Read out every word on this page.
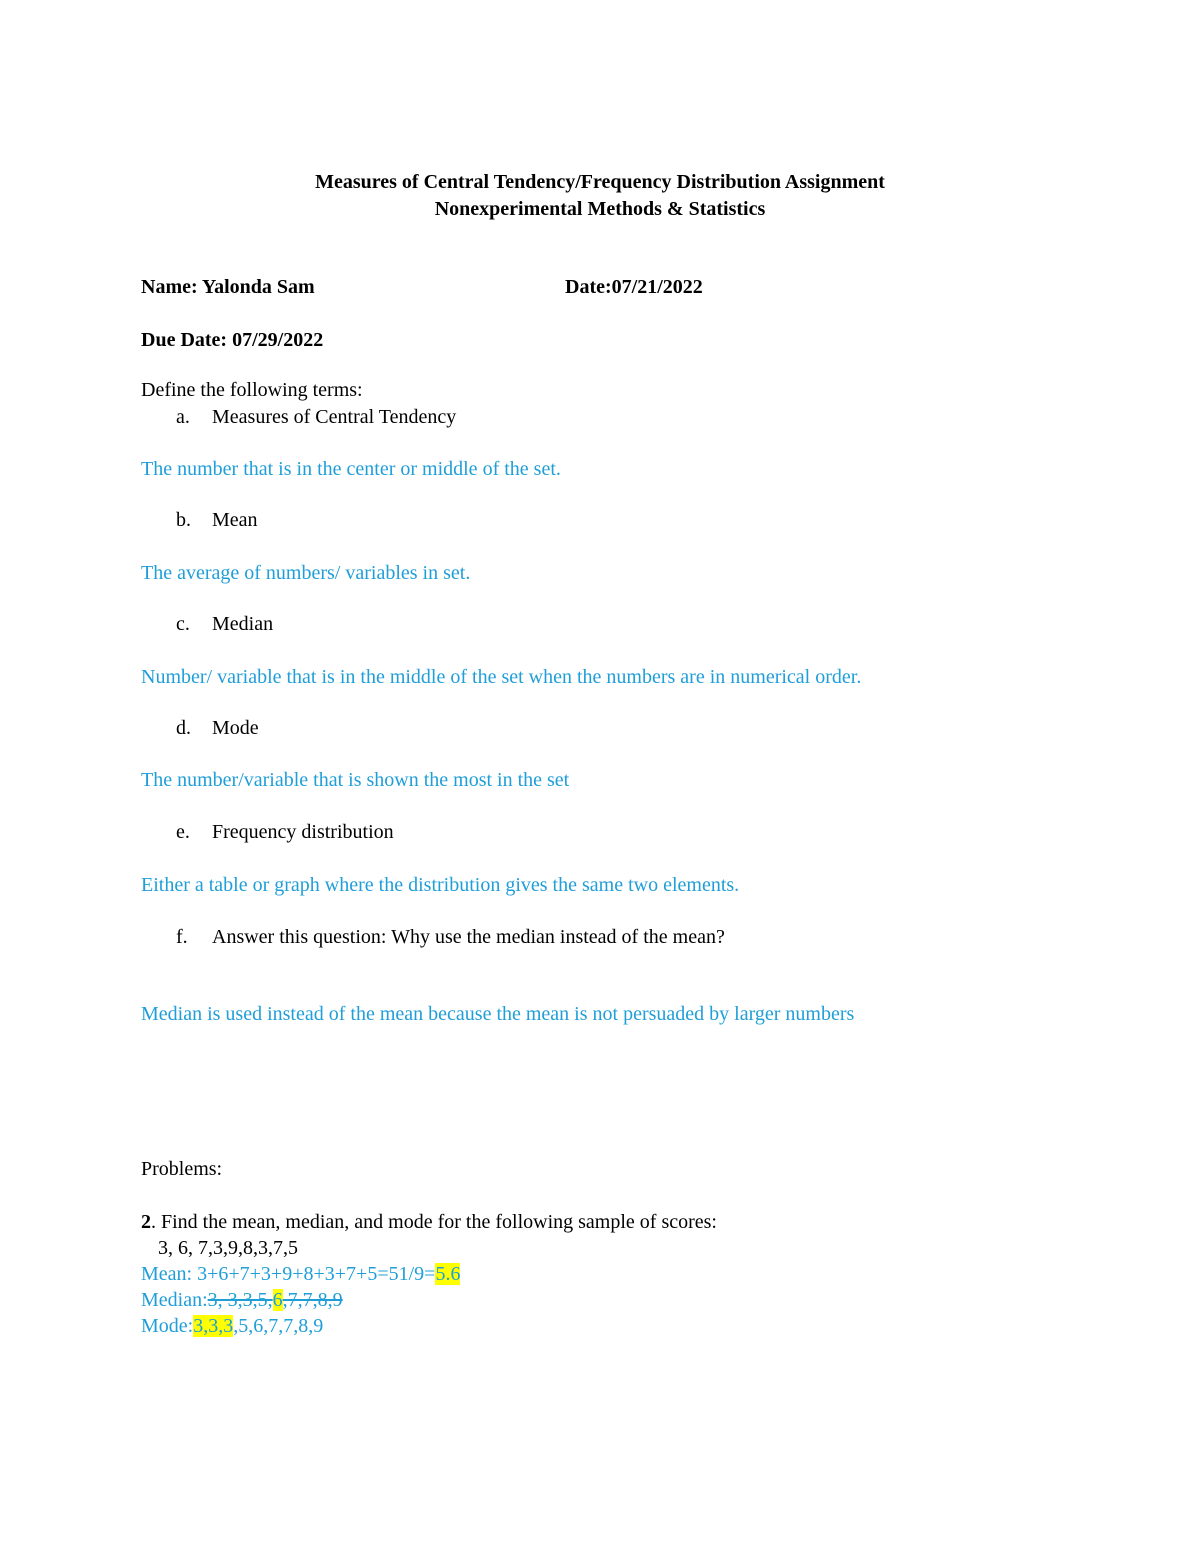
Measures of Central Tendency/Frequency Distribution Assignment
Nonexperimental Methods & Statistics
Name: Yalonda Sam	Date:07/21/2022
Due Date: 07/29/2022
Define the following terms:
a. Measures of Central Tendency
The number that is in the center or middle of the set.
b. Mean
The average of numbers/ variables in set.
c. Median
Number/ variable that is in the middle of the set when the numbers are in numerical order.
d. Mode
The number/variable that is shown the most in the set
e. Frequency distribution
Either a table or graph where the distribution gives the same two elements.
f. Answer this question: Why use the median instead of the mean?
Median is used instead of the mean because the mean is not persuaded by larger numbers
Problems:
2. Find the mean, median, and mode for the following sample of scores:
3, 6, 7,3,9,8,3,7,5
Mean: 3+6+7+3+9+8+3+7+5=51/9=5.6
Median:3, 3,3,5,6,7,7,8,9
Mode:3,3,3,5,6,7,7,8,9
